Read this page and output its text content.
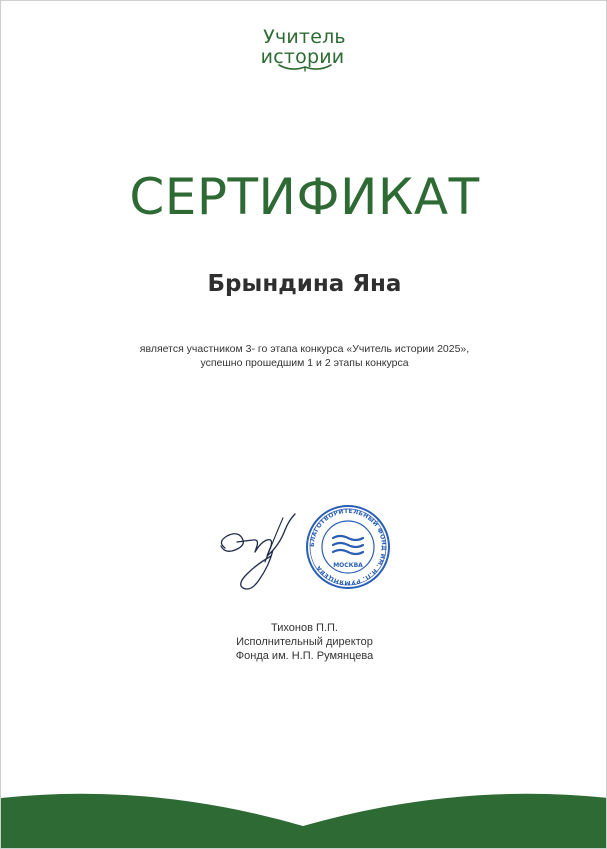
Учитель
истории
СЕРТИФИКАТ
Брындина Яна
является участником 3- го этапа конкурса «Учитель истории 2025»,
успешно прошедшим 1 и 2 этапы конкурса
БЛАГОТВОРИТЕЛЬНЫЙ ФОНД ИМ. Н.П. РУМЯНЦЕВА	МОСКВА
Тихонов П.П.
Исполнительный директор
Фонда им. Н.П. Румянцева
